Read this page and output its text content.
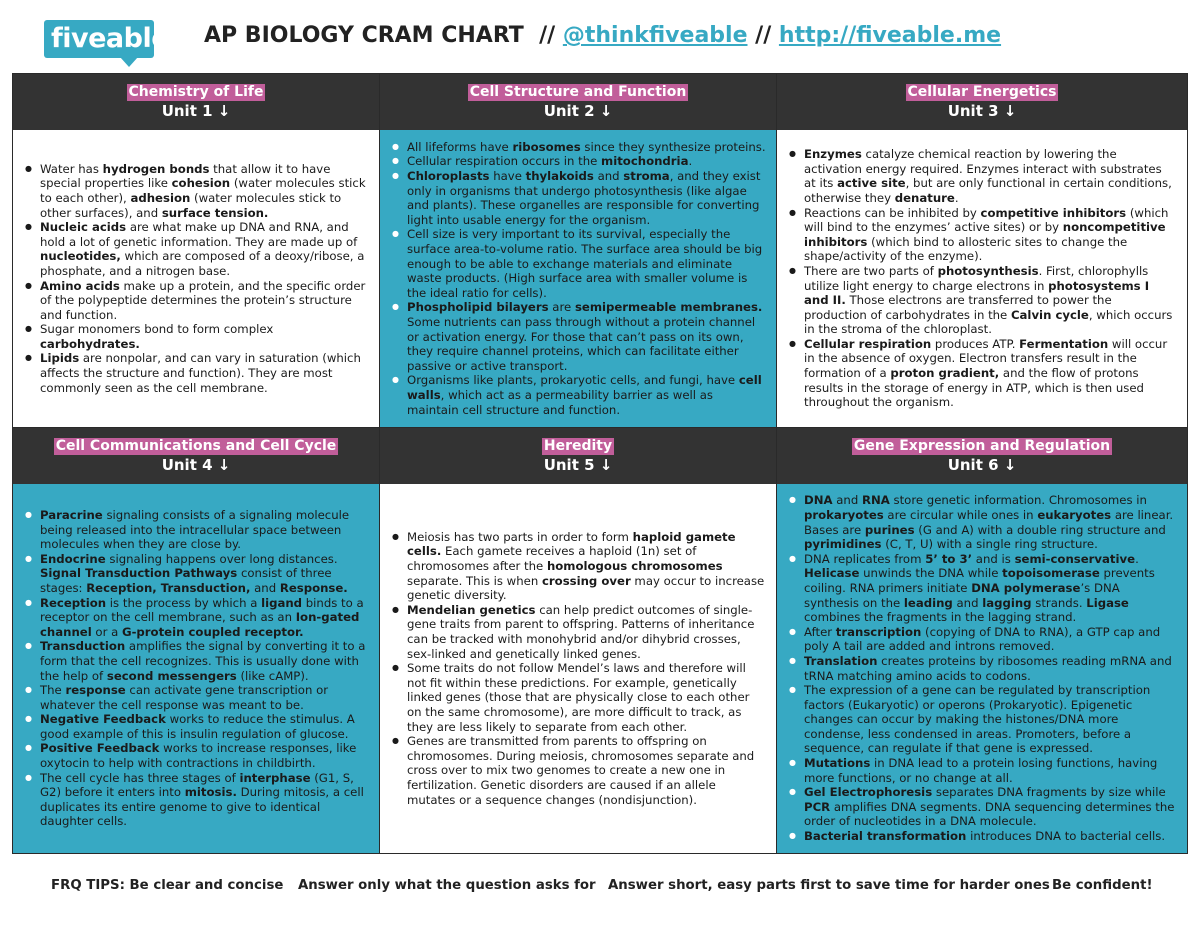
fiveable AP BIOLOGY CRAM CHART // @thinkfiveable // http://fiveable.me
Chemistry of Life
Unit 1 ↓
● Water has hydrogen bonds that allow it to have special properties like cohesion (water molecules stick to each other), adhesion (water molecules stick to other surfaces), and surface tension.
● Nucleic acids are what make up DNA and RNA, and hold a lot of genetic information. They are made up of nucleotides, which are composed of a deoxy/ribose, a phosphate, and a nitrogen base.
● Amino acids make up a protein, and the specific order of the polypeptide determines the protein’s structure and function.
● Sugar monomers bond to form complex carbohydrates.
● Lipids are nonpolar, and can vary in saturation (which affects the structure and function). They are most commonly seen as the cell membrane.
Cell Structure and Function
Unit 2 ↓
● All lifeforms have ribosomes since they synthesize proteins.
● Cellular respiration occurs in the mitochondria.
● Chloroplasts have thylakoids and stroma, and they exist only in organisms that undergo photosynthesis (like algae and plants). These organelles are responsible for converting light into usable energy for the organism.
● Cell size is very important to its survival, especially the surface area-to-volume ratio. The surface area should be big enough to be able to exchange materials and eliminate waste products. (High surface area with smaller volume is the ideal ratio for cells).
● Phospholipid bilayers are semipermeable membranes. Some nutrients can pass through without a protein channel or activation energy. For those that can’t pass on its own, they require channel proteins, which can facilitate either passive or active transport.
● Organisms like plants, prokaryotic cells, and fungi, have cell walls, which act as a permeability barrier as well as maintain cell structure and function.
Cellular Energetics
Unit 3 ↓
● Enzymes catalyze chemical reaction by lowering the activation energy required. Enzymes interact with substrates at its active site, but are only functional in certain conditions, otherwise they denature.
● Reactions can be inhibited by competitive inhibitors (which will bind to the enzymes’ active sites) or by noncompetitive inhibitors (which bind to allosteric sites to change the shape/activity of the enzyme).
● There are two parts of photosynthesis. First, chlorophylls utilize light energy to charge electrons in photosystems I and II. Those electrons are transferred to power the production of carbohydrates in the Calvin cycle, which occurs in the stroma of the chloroplast.
● Cellular respiration produces ATP. Fermentation will occur in the absence of oxygen. Electron transfers result in the formation of a proton gradient, and the flow of protons results in the storage of energy in ATP, which is then used throughout the organism.
Cell Communications and Cell Cycle
Unit 4 ↓
● Paracrine signaling consists of a signaling molecule being released into the intracellular space between molecules when they are close by.
● Endocrine signaling happens over long distances. Signal Transduction Pathways consist of three stages: Reception, Transduction, and Response.
● Reception is the process by which a ligand binds to a receptor on the cell membrane, such as an Ion-gated channel or a G-protein coupled receptor.
● Transduction amplifies the signal by converting it to a form that the cell recognizes. This is usually done with the help of second messengers (like cAMP).
● The response can activate gene transcription or whatever the cell response was meant to be.
● Negative Feedback works to reduce the stimulus. A good example of this is insulin regulation of glucose.
● Positive Feedback works to increase responses, like oxytocin to help with contractions in childbirth.
● The cell cycle has three stages of interphase (G1, S, G2) before it enters into mitosis. During mitosis, a cell duplicates its entire genome to give to identical daughter cells.
Heredity
Unit 5 ↓
● Meiosis has two parts in order to form haploid gamete cells. Each gamete receives a haploid (1n) set of chromosomes after the homologous chromosomes separate. This is when crossing over may occur to increase genetic diversity.
● Mendelian genetics can help predict outcomes of single-gene traits from parent to offspring. Patterns of inheritance can be tracked with monohybrid and/or dihybrid crosses, sex-linked and genetically linked genes.
● Some traits do not follow Mendel’s laws and therefore will not fit within these predictions. For example, genetically linked genes (those that are physically close to each other on the same chromosome), are more difficult to track, as they are less likely to separate from each other.
● Genes are transmitted from parents to offspring on chromosomes. During meiosis, chromosomes separate and cross over to mix two genomes to create a new one in fertilization. Genetic disorders are caused if an allele mutates or a sequence changes (nondisjunction).
Gene Expression and Regulation
Unit 6 ↓
● DNA and RNA store genetic information. Chromosomes in prokaryotes are circular while ones in eukaryotes are linear. Bases are purines (G and A) with a double ring structure and pyrimidines (C, T, U) with a single ring structure.
● DNA replicates from 5’ to 3’ and is semi-conservative. Helicase unwinds the DNA while topoisomerase prevents coiling. RNA primers initiate DNA polymerase’s DNA synthesis on the leading and lagging strands. Ligase combines the fragments in the lagging strand.
● After transcription (copying of DNA to RNA), a GTP cap and poly A tail are added and introns removed.
● Translation creates proteins by ribosomes reading mRNA and tRNA matching amino acids to codons.
● The expression of a gene can be regulated by transcription factors (Eukaryotic) or operons (Prokaryotic). Epigenetic changes can occur by making the histones/DNA more condense, less condensed in areas. Promoters, before a sequence, can regulate if that gene is expressed.
● Mutations in DNA lead to a protein losing functions, having more functions, or no change at all.
● Gel Electrophoresis separates DNA fragments by size while PCR amplifies DNA segments. DNA sequencing determines the order of nucleotides in a DNA molecule.
● Bacterial transformation introduces DNA to bacterial cells.
FRQ TIPS: Be clear and concise Answer only what the question asks for Answer short, easy parts first to save time for harder ones Be confident!
